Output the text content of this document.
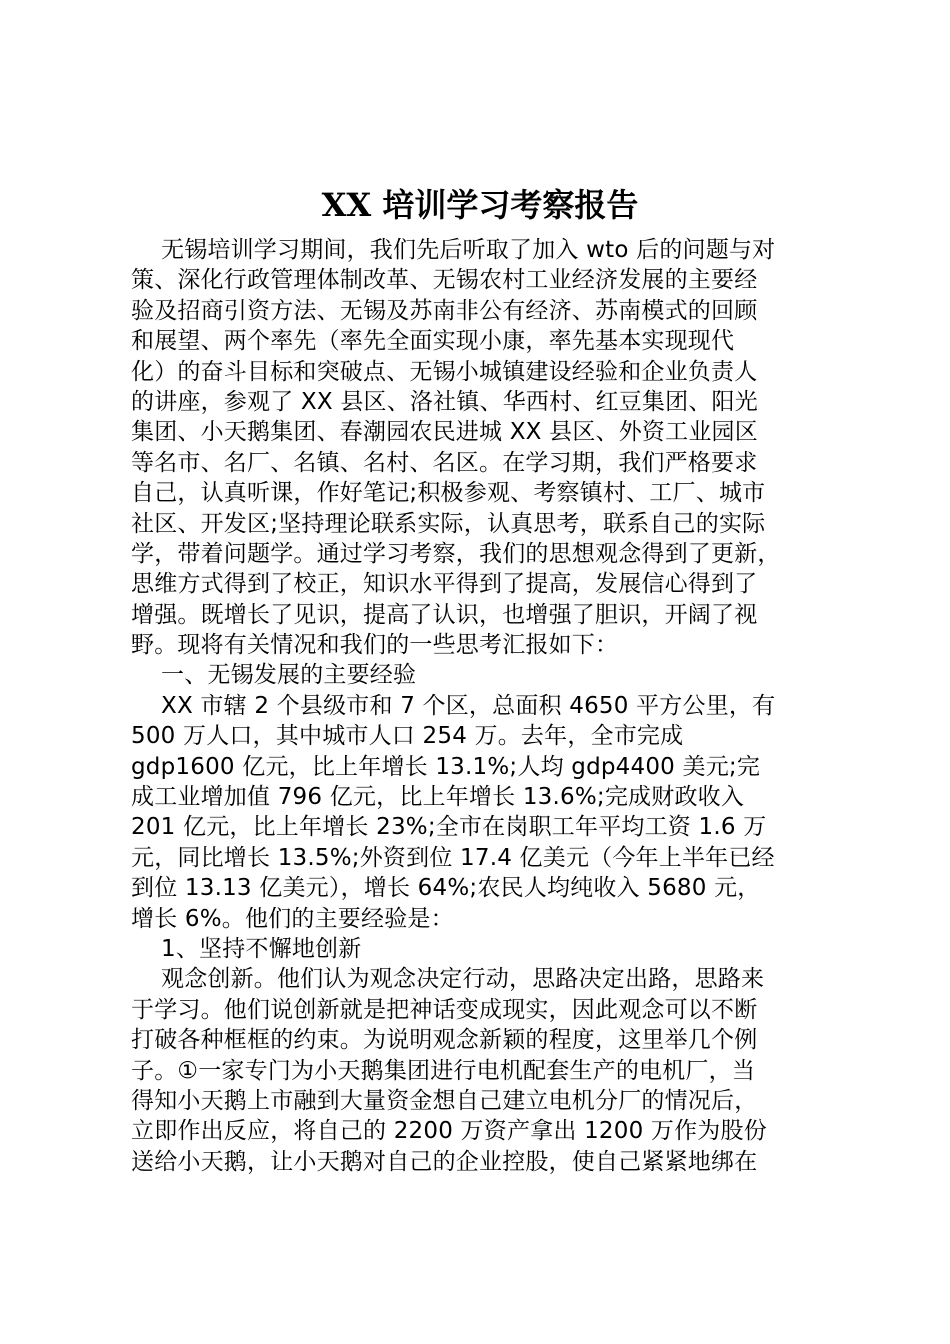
XX 培训学习考察报告
无锡培训学习期间，我们先后听取了加入 wto 后的问题与对
策、深化行政管理体制改革、无锡农村工业经济发展的主要经
验及招商引资方法、无锡及苏南非公有经济、苏南模式的回顾
和展望、两个率先（率先全面实现小康，率先基本实现现代
化）的奋斗目标和突破点、无锡小城镇建设经验和企业负责人
的讲座，参观了 XX 县区、洛社镇、华西村、红豆集团、阳光
集团、小天鹅集团、春潮园农民进城 XX 县区、外资工业园区
等名市、名厂、名镇、名村、名区。在学习期，我们严格要求
自己，认真听课，作好笔记;积极参观、考察镇村、工厂、城市
社区、开发区;坚持理论联系实际，认真思考，联系自己的实际
学，带着问题学。通过学习考察，我们的思想观念得到了更新，
思维方式得到了校正，知识水平得到了提高，发展信心得到了
增强。既增长了见识，提高了认识，也增强了胆识，开阔了视
野。现将有关情况和我们的一些思考汇报如下：
一、无锡发展的主要经验
XX 市辖 2 个县级市和 7 个区，总面积 4650 平方公里，有
500 万人口，其中城市人口 254 万。去年，全市完成
gdp1600 亿元，比上年增长 13.1%;人均 gdp4400 美元;完
成工业增加值 796 亿元，比上年增长 13.6%;完成财政收入
201 亿元，比上年增长 23%;全市在岗职工年平均工资 1.6 万
元，同比增长 13.5%;外资到位 17.4 亿美元（今年上半年已经
到位 13.13 亿美元），增长 64%;农民人均纯收入 5680 元，
增长 6%。他们的主要经验是：
1、坚持不懈地创新
观念创新。他们认为观念决定行动，思路决定出路，思路来
于学习。他们说创新就是把神话变成现实，因此观念可以不断
打破各种框框的约束。为说明观念新颖的程度，这里举几个例
子。①一家专门为小天鹅集团进行电机配套生产的电机厂，当
得知小天鹅上市融到大量资金想自己建立电机分厂的情况后，
立即作出反应，将自己的 2200 万资产拿出 1200 万作为股份
送给小天鹅，让小天鹅对自己的企业控股，使自己紧紧地绑在
